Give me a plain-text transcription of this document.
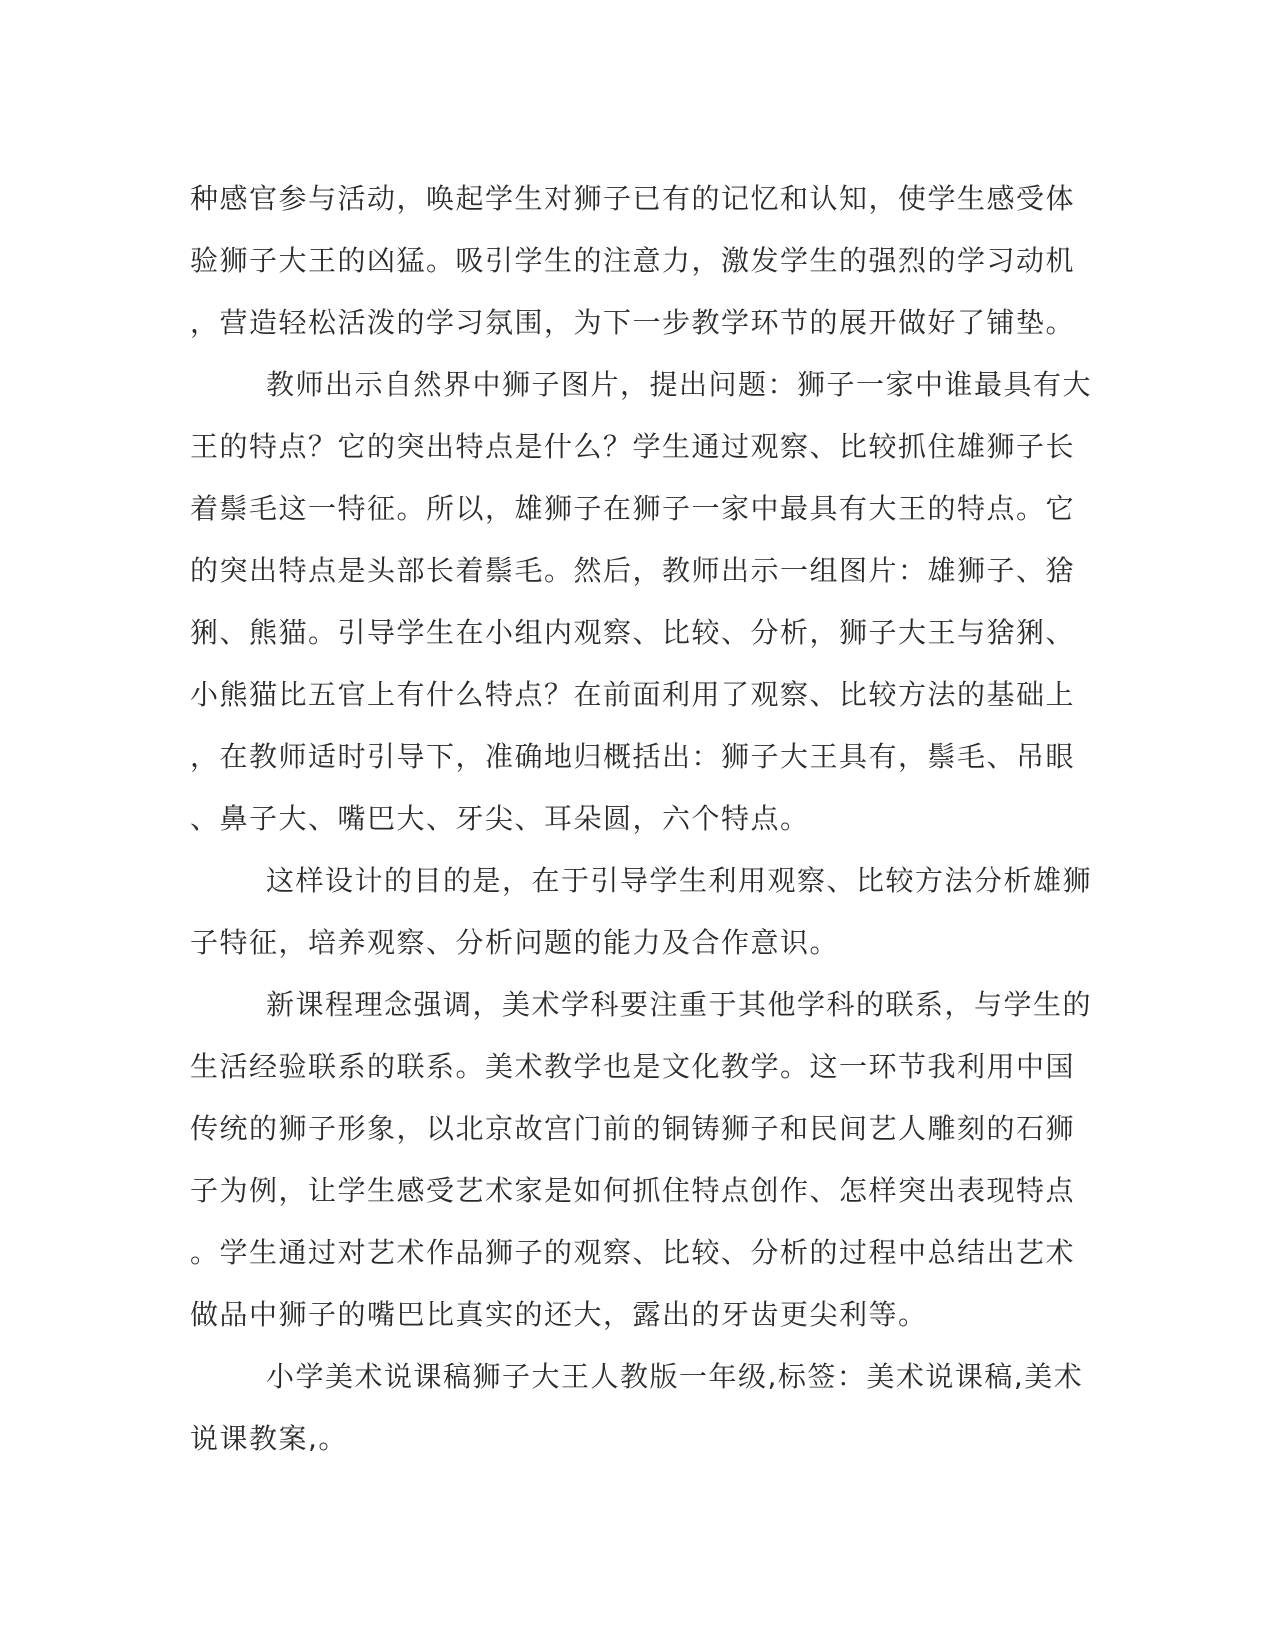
种感官参与活动，唤起学生对狮子已有的记忆和认知，使学生感受体
验狮子大王的凶猛。吸引学生的注意力，激发学生的强烈的学习动机
，营造轻松活泼的学习氛围，为下一步教学环节的展开做好了铺垫。
教师出示自然界中狮子图片，提出问题：狮子一家中谁最具有大
王的特点？它的突出特点是什么？学生通过观察、比较抓住雄狮子长
着鬃毛这一特征。所以，雄狮子在狮子一家中最具有大王的特点。它
的突出特点是头部长着鬃毛。然后，教师出示一组图片：雄狮子、猞
猁、熊猫。引导学生在小组内观察、比较、分析，狮子大王与猞猁、
小熊猫比五官上有什么特点？在前面利用了观察、比较方法的基础上
，在教师适时引导下，准确地归概括出：狮子大王具有，鬃毛、吊眼
、鼻子大、嘴巴大、牙尖、耳朵圆，六个特点。
这样设计的目的是，在于引导学生利用观察、比较方法分析雄狮
子特征，培养观察、分析问题的能力及合作意识。
新课程理念强调，美术学科要注重于其他学科的联系，与学生的
生活经验联系的联系。美术教学也是文化教学。这一环节我利用中国
传统的狮子形象，以北京故宫门前的铜铸狮子和民间艺人雕刻的石狮
子为例，让学生感受艺术家是如何抓住特点创作、怎样突出表现特点
。学生通过对艺术作品狮子的观察、比较、分析的过程中总结出艺术
做品中狮子的嘴巴比真实的还大，露出的牙齿更尖利等。
小学美术说课稿狮子大王人教版一年级,标签：美术说课稿,美术
说课教案,。
